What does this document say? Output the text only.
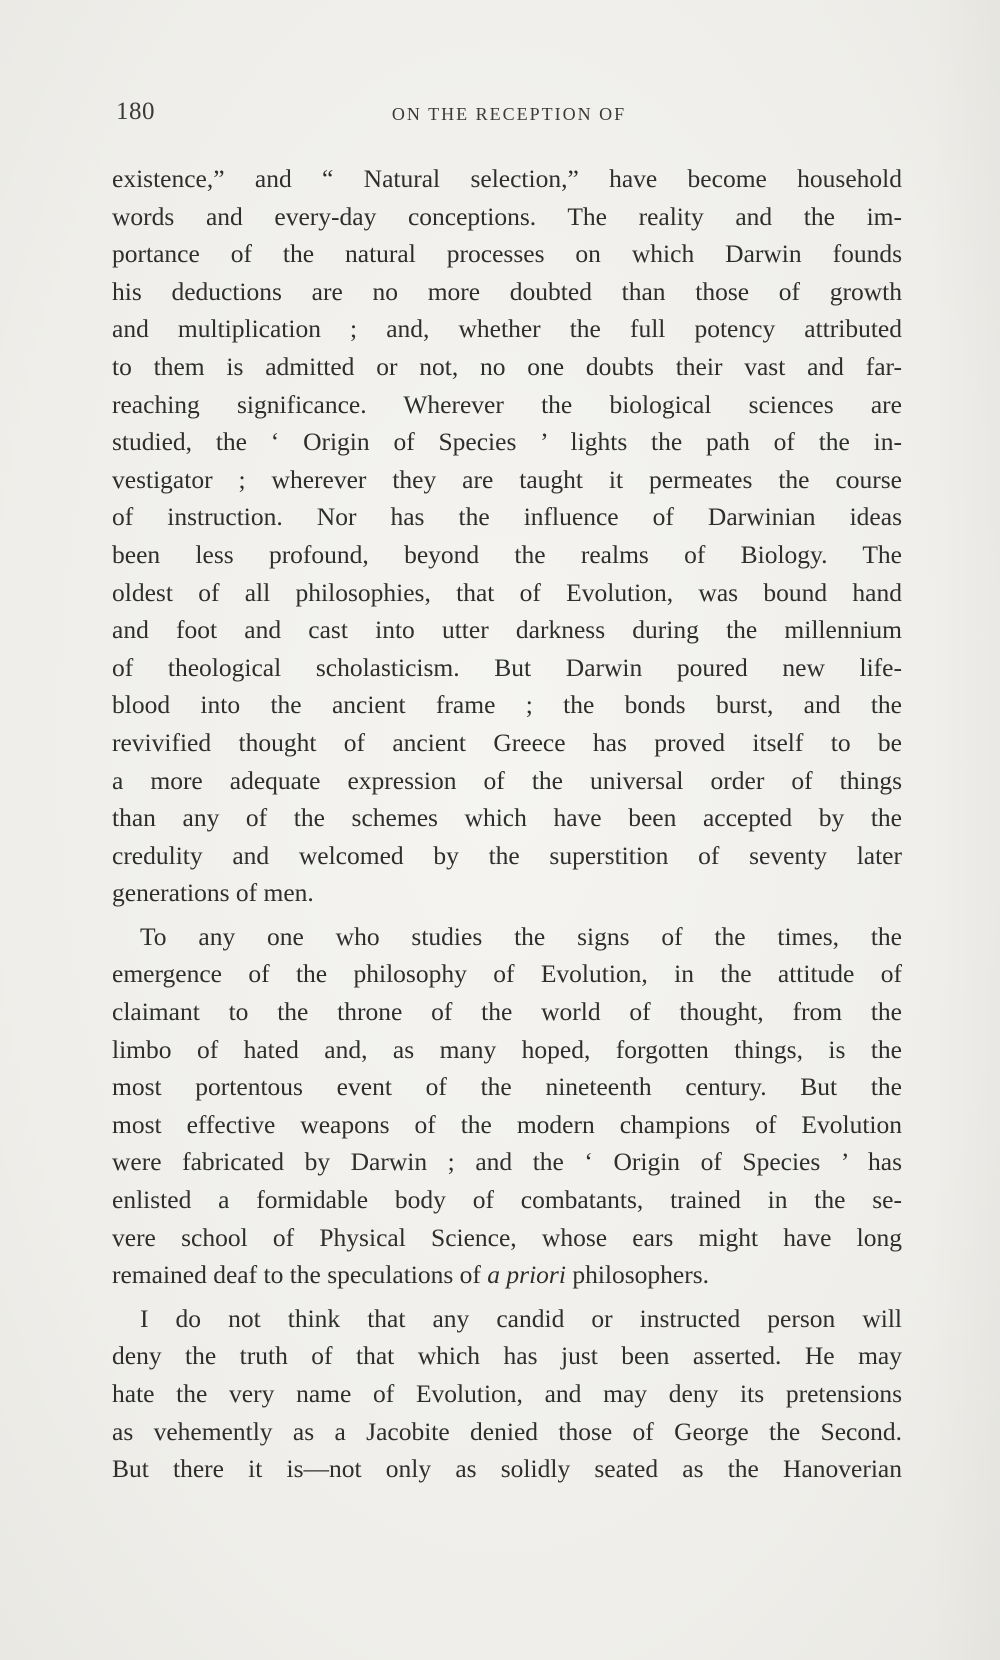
180	ON THE RECEPTION OF
existence,” and “ Natural selection,” have become household
words and every-day conceptions. The reality and the im-
portance of the natural processes on which Darwin founds
his deductions are no more doubted than those of growth
and multiplication ; and, whether the full potency attributed
to them is admitted or not, no one doubts their vast and far-
reaching significance. Wherever the biological sciences are
studied, the ‘ Origin of Species ’ lights the path of the in-
vestigator ; wherever they are taught it permeates the course
of instruction. Nor has the influence of Darwinian ideas
been less profound, beyond the realms of Biology. The
oldest of all philosophies, that of Evolution, was bound hand
and foot and cast into utter darkness during the millennium
of theological scholasticism. But Darwin poured new life-
blood into the ancient frame ; the bonds burst, and the
revivified thought of ancient Greece has proved itself to be
a more adequate expression of the universal order of things
than any of the schemes which have been accepted by the
credulity and welcomed by the superstition of seventy later
generations of men.
To any one who studies the signs of the times, the
emergence of the philosophy of Evolution, in the attitude of
claimant to the throne of the world of thought, from the
limbo of hated and, as many hoped, forgotten things, is the
most portentous event of the nineteenth century. But the
most effective weapons of the modern champions of Evolution
were fabricated by Darwin ; and the ‘ Origin of Species ’ has
enlisted a formidable body of combatants, trained in the se-
vere school of Physical Science, whose ears might have long
remained deaf to the speculations of a priori philosophers.
I do not think that any candid or instructed person will
deny the truth of that which has just been asserted. He may
hate the very name of Evolution, and may deny its pretensions
as vehemently as a Jacobite denied those of George the Second.
But there it is—not only as solidly seated as the Hanoverian
